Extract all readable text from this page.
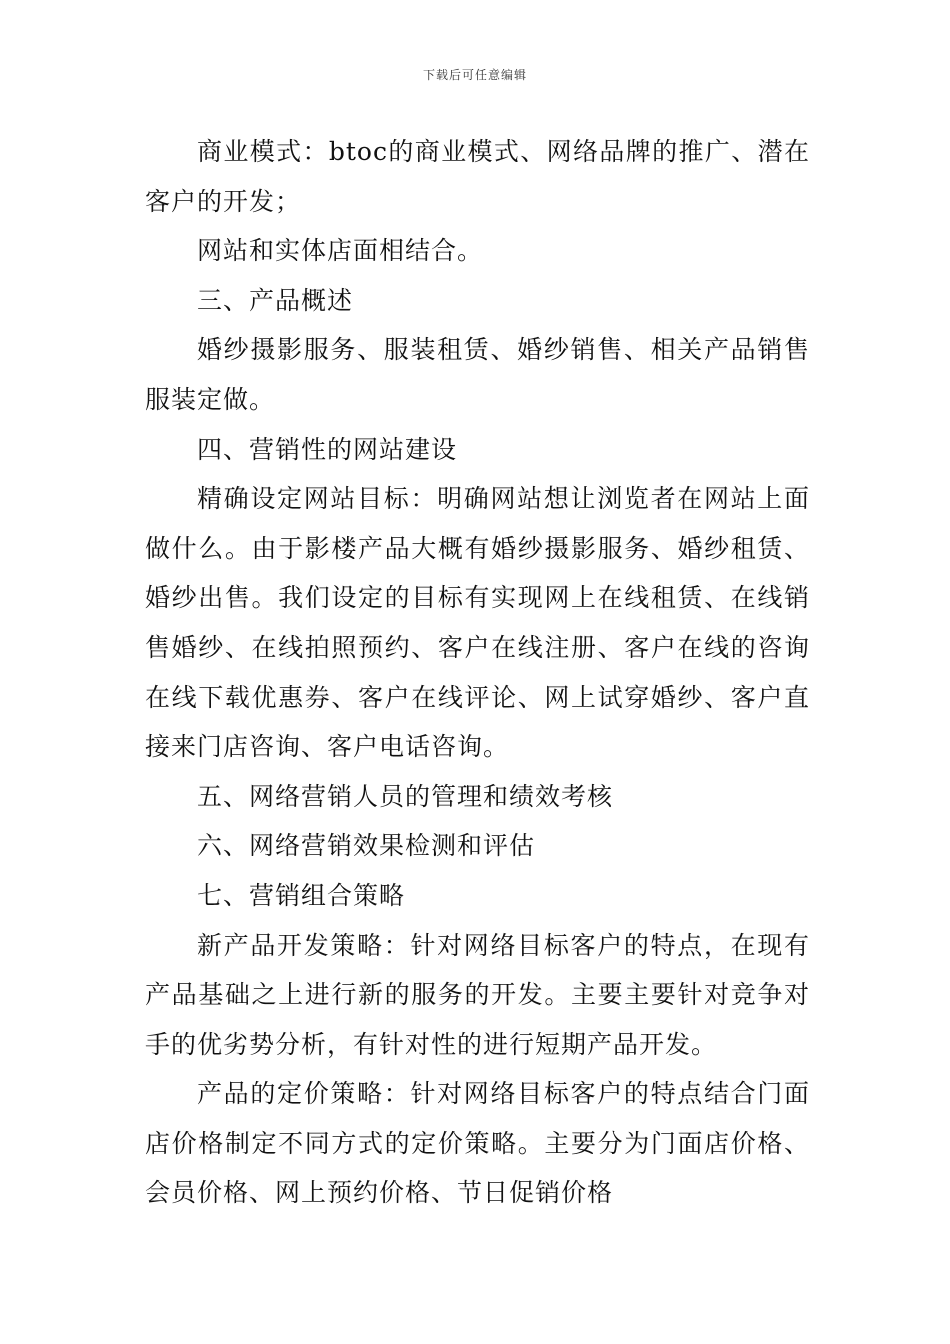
下载后可任意编辑

商业模式：btoc的商业模式、网络品牌的推广、潜在客户的开发；

网站和实体店面相结合。

三、产品概述

婚纱摄影服务、服装租赁、婚纱销售、相关产品销售服装定做。

四、营销性的网站建设

精确设定网站目标：明确网站想让浏览者在网站上面做什么。由于影楼产品大概有婚纱摄影服务、婚纱租赁、婚纱出售。我们设定的目标有实现网上在线租赁、在线销售婚纱、在线拍照预约、客户在线注册、客户在线的咨询在线下载优惠券、客户在线评论、网上试穿婚纱、客户直接来门店咨询、客户电话咨询。

五、网络营销人员的管理和绩效考核

六、网络营销效果检测和评估

七、营销组合策略

新产品开发策略：针对网络目标客户的特点，在现有产品基础之上进行新的服务的开发。主要主要针对竞争对手的优劣势分析，有针对性的进行短期产品开发。

产品的定价策略：针对网络目标客户的特点结合门面店价格制定不同方式的定价策略。主要分为门面店价格、会员价格、网上预约价格、节日促销价格
